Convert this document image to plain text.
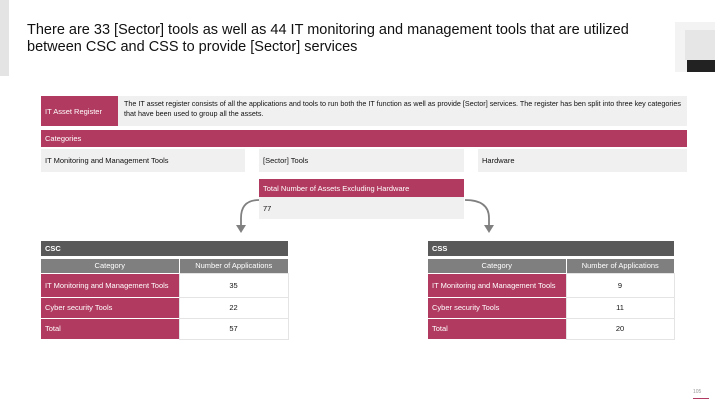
There are 33 [Sector] tools as well as 44 IT monitoring and management tools that are utilized between CSC and CSS to provide [Sector] services
IT Asset Register
The IT asset register consists of all the applications and tools to run both the IT function as well as provide [Sector] services. The register has ben split into three key categories that have been used to group all the assets.
Categories
IT Monitoring and Management Tools	[Sector] Tools	Hardware
Total Number of Assets Excluding Hardware
77
CSC
Category	Number of Applications
IT Monitoring and Management Tools	35
Cyber security Tools	22
Total	57
CSS
Category	Number of Applications
IT Monitoring and Management Tools	9
Cyber security Tools	11
Total	20
105
